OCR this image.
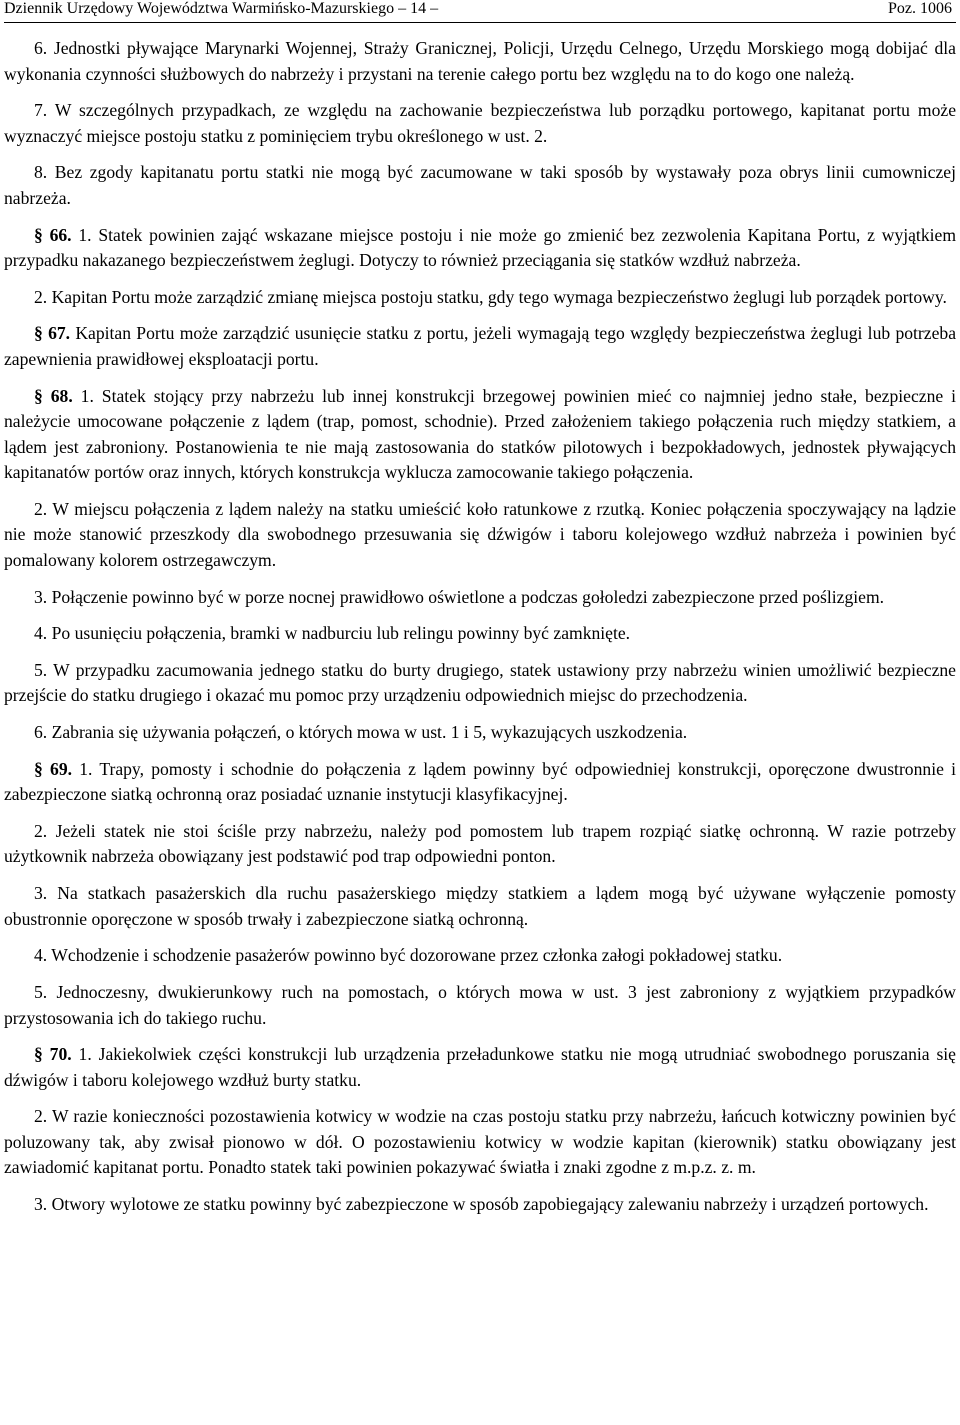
Dziennik Urzędowy Województwa Warmińsko-Mazurskiego – 14 –	Poz. 1006

6. Jednostki pływające Marynarki Wojennej, Straży Granicznej, Policji, Urzędu Celnego, Urzędu Morskiego mogą dobijać dla wykonania czynności służbowych do nabrzeży i przystani na terenie całego portu bez względu na to do kogo one należą.

7. W szczególnych przypadkach, ze względu na zachowanie bezpieczeństwa lub porządku portowego, kapitanat portu może wyznaczyć miejsce postoju statku z pominięciem trybu określonego w ust. 2.

8. Bez zgody kapitanatu portu statki nie mogą być zacumowane w taki sposób by wystawały poza obrys linii cumowniczej nabrzeża.

§ 66. 1. Statek powinien zająć wskazane miejsce postoju i nie może go zmienić bez zezwolenia Kapitana Portu, z wyjątkiem przypadku nakazanego bezpieczeństwem żeglugi. Dotyczy to również przeciągania się statków wzdłuż nabrzeża.

2. Kapitan Portu może zarządzić zmianę miejsca postoju statku, gdy tego wymaga bezpieczeństwo żeglugi lub porządek portowy.

§ 67. Kapitan Portu może zarządzić usunięcie statku z portu, jeżeli wymagają tego względy bezpieczeństwa żeglugi lub potrzeba zapewnienia prawidłowej eksploatacji portu.

§ 68. 1. Statek stojący przy nabrzeżu lub innej konstrukcji brzegowej powinien mieć co najmniej jedno stałe, bezpieczne i należycie umocowane połączenie z lądem (trap, pomost, schodnie). Przed założeniem takiego połączenia ruch między statkiem, a lądem jest zabroniony. Postanowienia te nie mają zastosowania do statków pilotowych i bezpokładowych, jednostek pływających kapitanatów portów oraz innych, których konstrukcja wyklucza zamocowanie takiego połączenia.

2. W miejscu połączenia z lądem należy na statku umieścić koło ratunkowe z rzutką. Koniec połączenia spoczywający na lądzie nie może stanowić przeszkody dla swobodnego przesuwania się dźwigów i taboru kolejowego wzdłuż nabrzeża i powinien być pomalowany kolorem ostrzegawczym.

3. Połączenie powinno być w porze nocnej prawidłowo oświetlone a podczas gołoledzi zabezpieczone przed poślizgiem.

4. Po usunięciu połączenia, bramki w nadburciu lub relingu powinny być zamknięte.

5. W przypadku zacumowania jednego statku do burty drugiego, statek ustawiony przy nabrzeżu winien umożliwić bezpieczne przejście do statku drugiego i okazać mu pomoc przy urządzeniu odpowiednich miejsc do przechodzenia.

6. Zabrania się używania połączeń, o których mowa w ust. 1 i 5, wykazujących uszkodzenia.

§ 69. 1. Trapy, pomosty i schodnie do połączenia z lądem powinny być odpowiedniej konstrukcji, oporęczone dwustronnie i zabezpieczone siatką ochronną oraz posiadać uznanie instytucji klasyfikacyjnej.

2. Jeżeli statek nie stoi ściśle przy nabrzeżu, należy pod pomostem lub trapem rozpiąć siatkę ochronną. W razie potrzeby użytkownik nabrzeża obowiązany jest podstawić pod trap odpowiedni ponton.

3. Na statkach pasażerskich dla ruchu pasażerskiego między statkiem a lądem mogą być używane wyłączenie pomosty obustronnie oporęczone w sposób trwały i zabezpieczone siatką ochronną.

4. Wchodzenie i schodzenie pasażerów powinno być dozorowane przez członka załogi pokładowej statku.

5. Jednoczesny, dwukierunkowy ruch na pomostach, o których mowa w ust. 3 jest zabroniony z wyjątkiem przypadków przystosowania ich do takiego ruchu.

§ 70. 1. Jakiekolwiek części konstrukcji lub urządzenia przeładunkowe statku nie mogą utrudniać swobodnego poruszania się dźwigów i taboru kolejowego wzdłuż burty statku.

2. W razie konieczności pozostawienia kotwicy w wodzie na czas postoju statku przy nabrzeżu, łańcuch kotwiczny powinien być poluzowany tak, aby zwisał pionowo w dół. O pozostawieniu kotwicy w wodzie kapitan (kierownik) statku obowiązany jest zawiadomić kapitanat portu. Ponadto statek taki powinien pokazywać światła i znaki zgodne z m.p.z. z. m.

3. Otwory wylotowe ze statku powinny być zabezpieczone w sposób zapobiegający zalewaniu nabrzeży i urządzeń portowych.
